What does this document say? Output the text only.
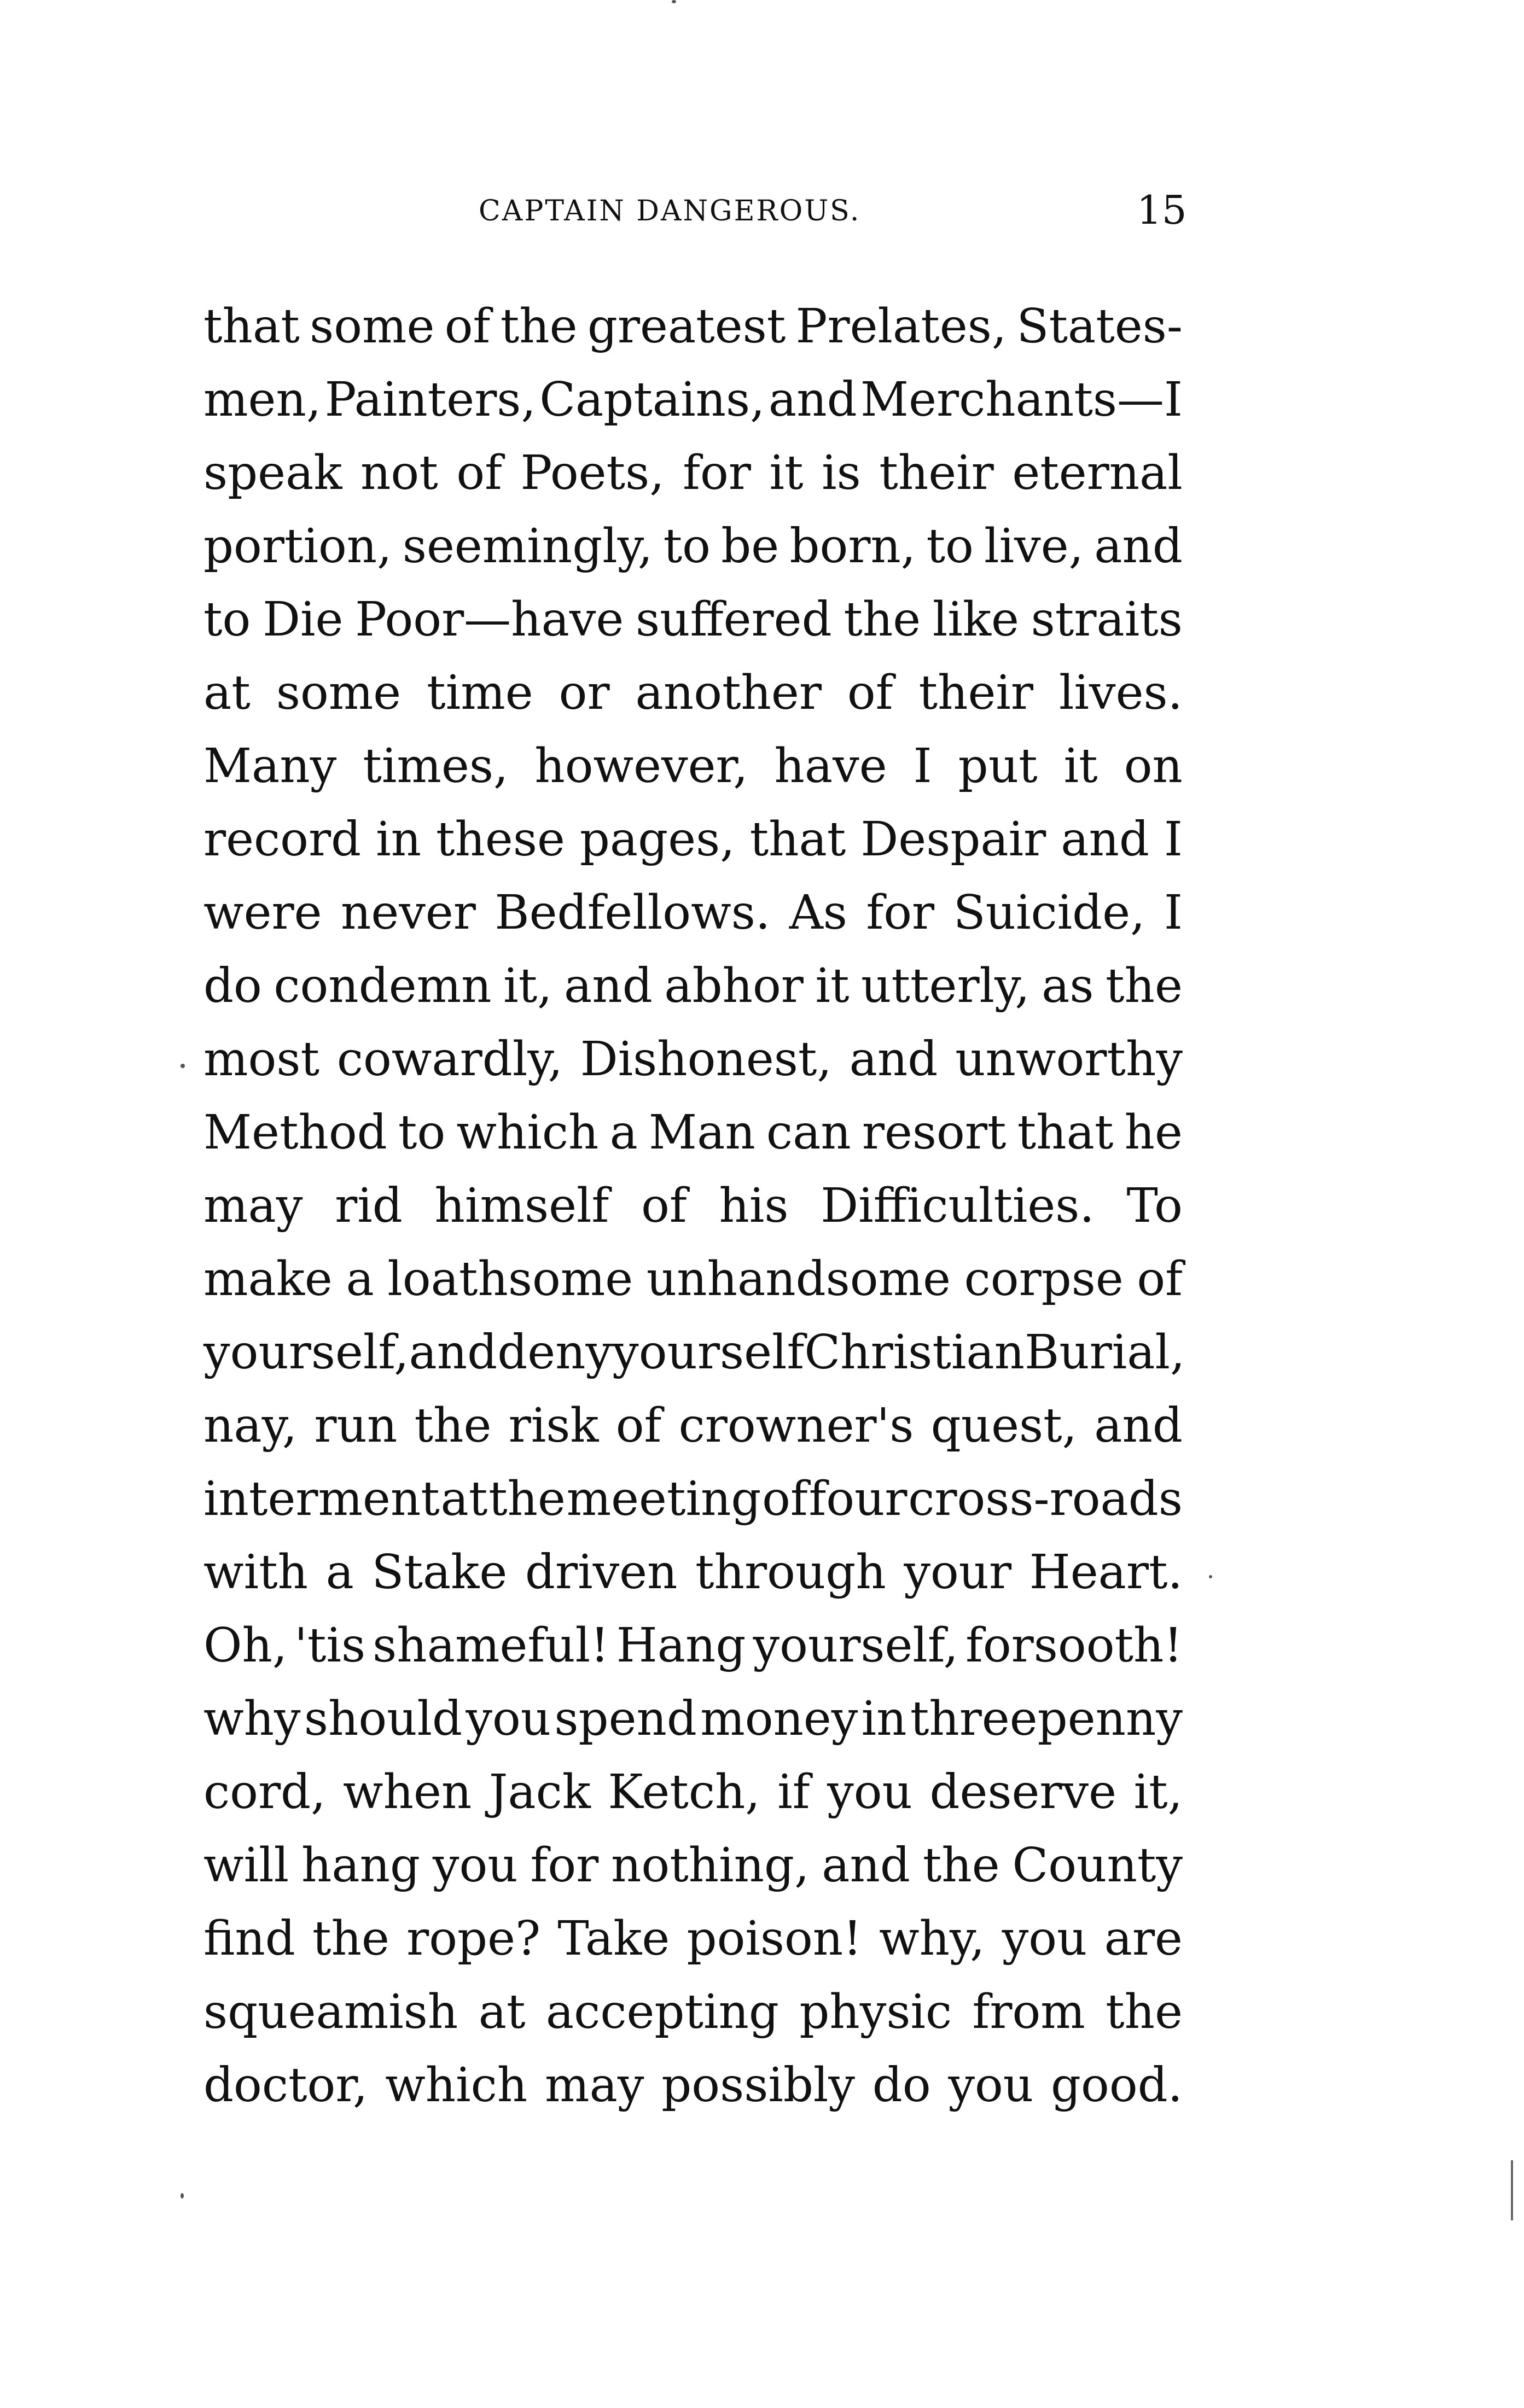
CAPTAIN DANGEROUS.	15
that some of the greatest Prelates, States-
men, Painters, Captains, and Merchants—I
speak not of Poets, for it is their eternal
portion, seemingly, to be born, to live, and
to Die Poor—have suffered the like straits
at some time or another of their lives.
Many times, however, have I put it on
record in these pages, that Despair and I
were never Bedfellows. As for Suicide, I
do condemn it, and abhor it utterly, as the
most cowardly, Dishonest, and unworthy
Method to which a Man can resort that he
may rid himself of his Difficulties. To
make a loathsome unhandsome corpse of
yourself, and deny yourself Christian Burial,
nay, run the risk of crowner's quest, and
interment at the meeting of four cross-roads
with a Stake driven through your Heart.
Oh, 'tis shameful! Hang yourself, forsooth!
why should you spend money in threepenny
cord, when Jack Ketch, if you deserve it,
will hang you for nothing, and the County
find the rope? Take poison! why, you are
squeamish at accepting physic from the
doctor, which may possibly do you good.
